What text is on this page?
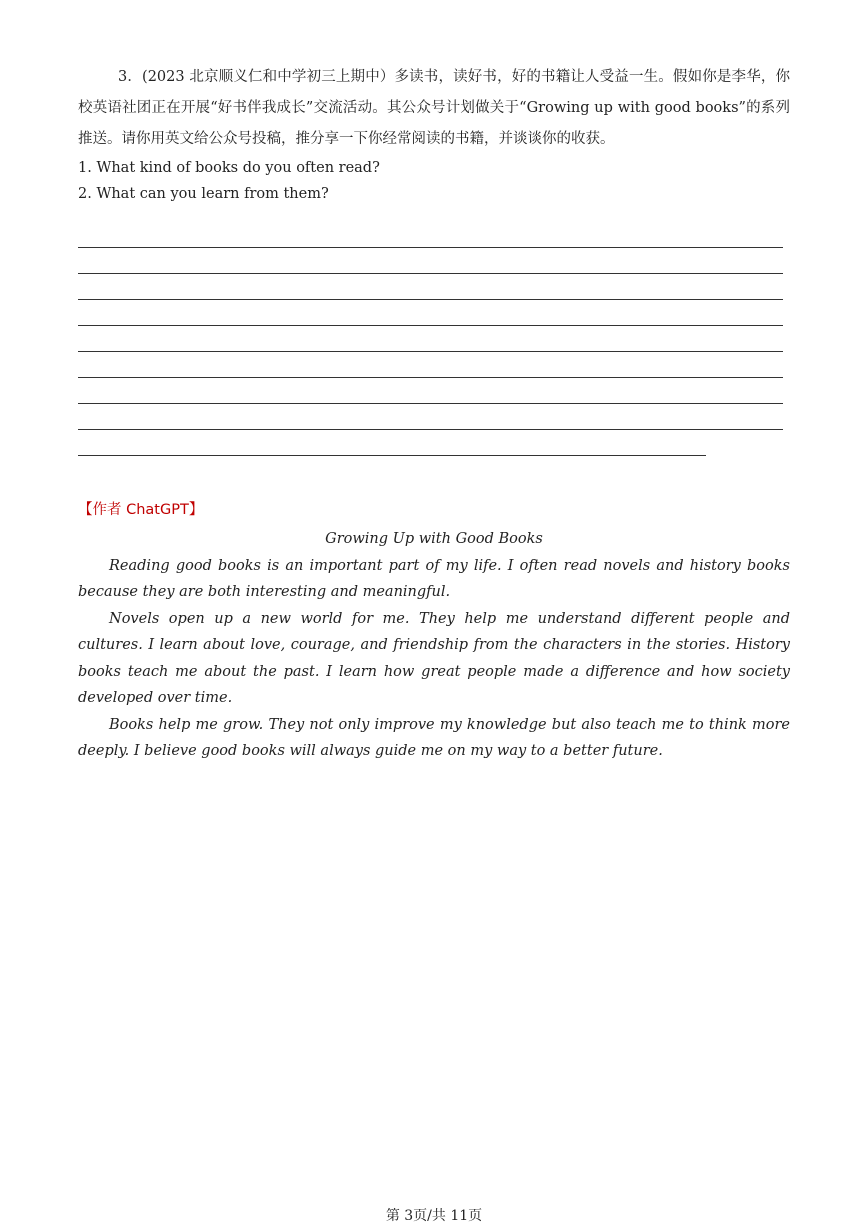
3．(2023 北京顺义仁和中学初三上期中）多读书，读好书，好的书籍让人受益一生。假如你是李华，你校英语社团正在开展“好书伴我成长”交流活动。其公众号计划做关于“Growing up with good books”的系列推送。请你用英文给公众号投稿，推分享一下你经常阅读的书籍，并谈谈你的收获。

1. What kind of books do you often read?

2. What can you learn from them?

【作者 ChatGPT】

Growing Up with Good Books

Reading good books is an important part of my life. I often read novels and history books because they are both interesting and meaningful.

Novels open up a new world for me. They help me understand different people and cultures. I learn about love, courage, and friendship from the characters in the stories. History books teach me about the past. I learn how great people made a difference and how society developed over time.

Books help me grow. They not only improve my knowledge but also teach me to think more deeply. I believe good books will always guide me on my way to a better future.

第 3页/共 11页
